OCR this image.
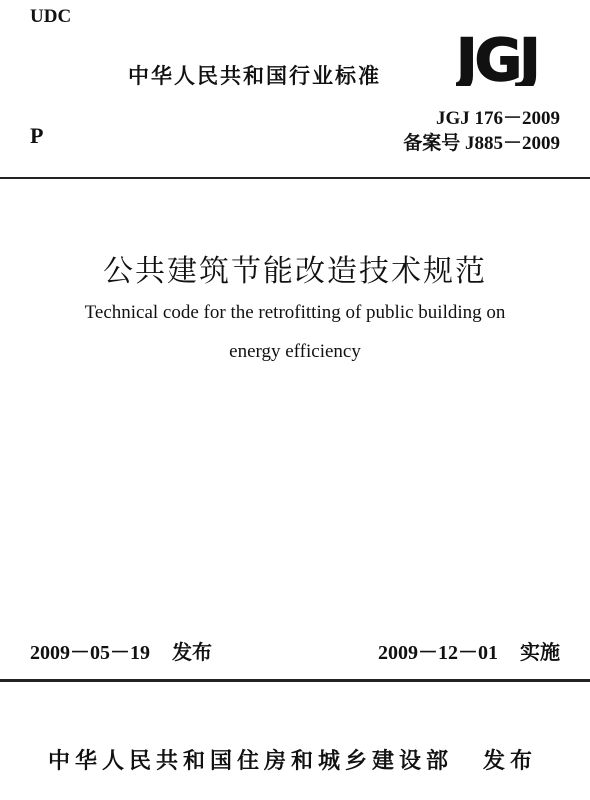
UDC
中华人民共和国行业标准 JGJ
JGJ 176－2009
备案号 J885－2009
P
公共建筑节能改造技术规范
Technical code for the retrofitting of public building on
energy efficiency
2009－05－19 发布	2009－12－01 实施
中华人民共和国住房和城乡建设部 发布
